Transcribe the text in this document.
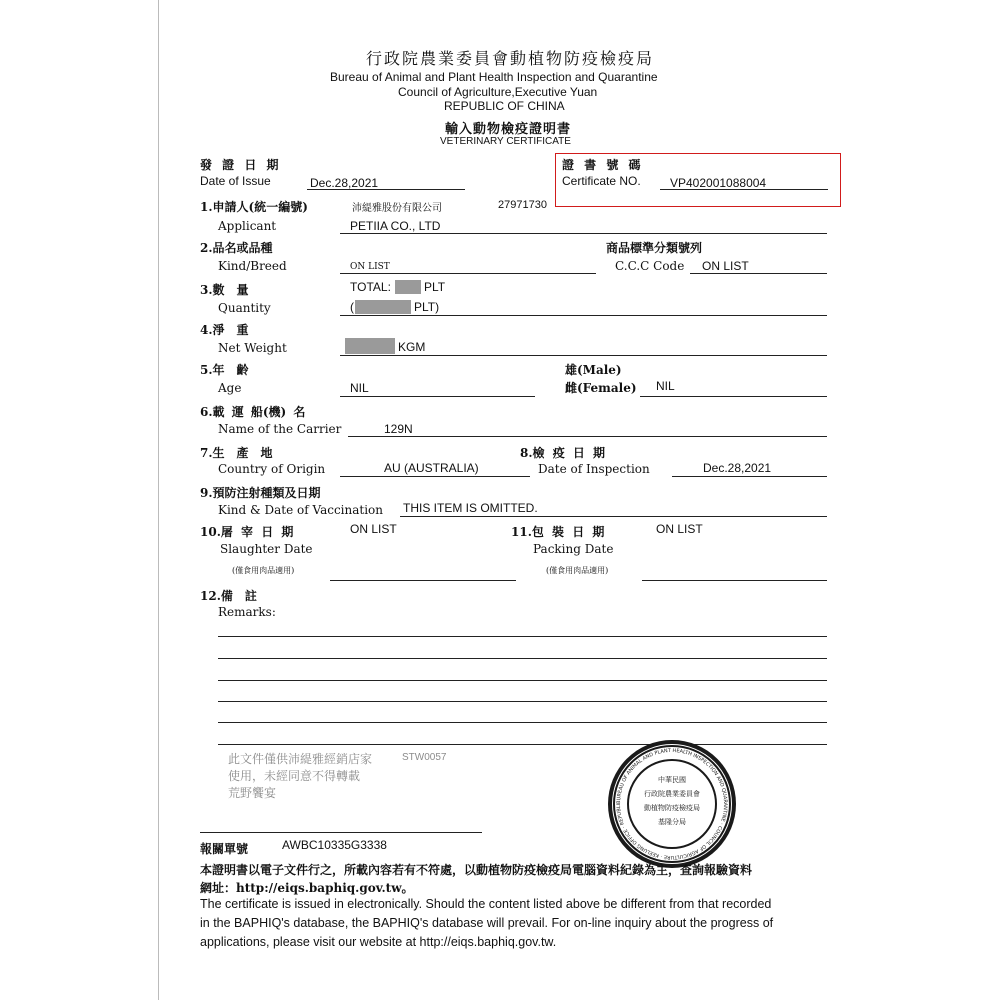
行政院農業委員會動植物防疫檢疫局
Bureau of Animal and Plant Health Inspection and Quarantine
Council of Agriculture,Executive Yuan
REPUBLIC OF CHINA
輸入動物檢疫證明書
VETERINARY CERTIFICATE
發 證 日 期
Date of Issue	Dec.28,2021
證 書 號 碼
Certificate NO. VP402001088004
1.申請人(統一編號)	沛緹雅股份有限公司	27971730
Applicant	PETIIA CO., LTD
2.品名或品種	商品標準分類號列
Kind/Breed	ON LIST	C.C.C Code ON LIST
3.數　量	TOTAL:	PLT
Quantity	(	PLT)
4.淨　重
Net Weight	KGM
5.年　齡	雄(Male)
Age	NIL	雌(Female) NIL
6.載 運 船(機) 名
Name of the Carrier	129N
7.生　產　地	8.檢 疫 日 期
Country of Origin	AU (AUSTRALIA)	Date of Inspection	Dec.28,2021
9.預防注射種類及日期
Kind & Date of Vaccination THIS ITEM IS OMITTED.
10.屠 宰 日 期	ON LIST
Slaughter Date
(僅食用肉品適用)
11.包 裝 日 期	ON LIST
Packing Date
(僅食用肉品適用)
12.備　註
Remarks:
此文件僅供沛緹雅經銷店家	STW0057
使用，未經同意不得轉載
荒野饗宴
BUREAU OF ANIMAL AND PLANT HEALTH INSPECTION AND QUARANTINE · COUNCIL OF AGRICULTURE · KEELUNG OFFICE · REPUBLI
中華民國
行政院農業委員會
動植物防疫檢疫局
基隆分局
報關單號	AWBC10335G3338
本證明書以電子文件行之，所載內容若有不符處，以動植物防疫檢疫局電腦資料紀錄為主，查詢報驗資料
網址：http://eiqs.baphiq.gov.tw。
The certificate is issued in electronically. Should the content listed above be different from that recorded
in the BAPHIQ's database, the BAPHIQ's database will prevail. For on-line inquiry about the progress of
applications, please visit our website at http://eiqs.baphiq.gov.tw.
